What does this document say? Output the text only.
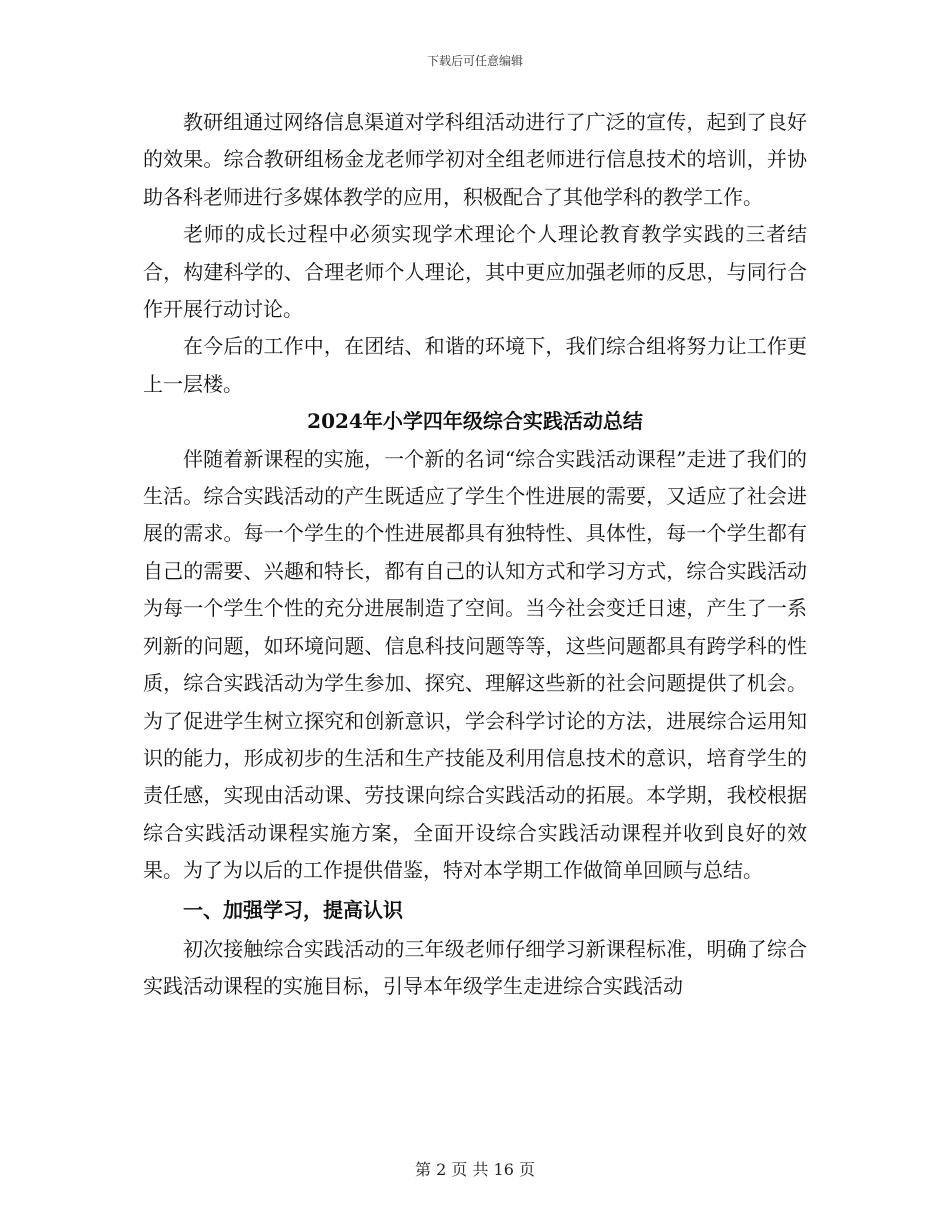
下载后可任意编辑

教研组通过网络信息渠道对学科组活动进行了广泛的宣传，起到了良好的效果。综合教研组杨金龙老师学初对全组老师进行信息技术的培训，并协助各科老师进行多媒体教学的应用，积极配合了其他学科的教学工作。

老师的成长过程中必须实现学术理论个人理论教育教学实践的三者结合，构建科学的、合理老师个人理论，其中更应加强老师的反思，与同行合作开展行动讨论。

在今后的工作中，在团结、和谐的环境下，我们综合组将努力让工作更上一层楼。

2024年小学四年级综合实践活动总结

伴随着新课程的实施，一个新的名词“综合实践活动课程”走进了我们的生活。综合实践活动的产生既适应了学生个性进展的需要，又适应了社会进展的需求。每一个学生的个性进展都具有独特性、具体性，每一个学生都有自己的需要、兴趣和特长，都有自己的认知方式和学习方式，综合实践活动为每一个学生个性的充分进展制造了空间。当今社会变迁日速，产生了一系列新的问题，如环境问题、信息科技问题等等，这些问题都具有跨学科的性质，综合实践活动为学生参加、探究、理解这些新的社会问题提供了机会。为了促进学生树立探究和创新意识，学会科学讨论的方法，进展综合运用知识的能力，形成初步的生活和生产技能及利用信息技术的意识，培育学生的责任感，实现由活动课、劳技课向综合实践活动的拓展。本学期，我校根据综合实践活动课程实施方案，全面开设综合实践活动课程并收到良好的效果。为了为以后的工作提供借鉴，特对本学期工作做简单回顾与总结。

一、加强学习，提高认识

初次接触综合实践活动的三年级老师仔细学习新课程标准，明确了综合实践活动课程的实施目标，引导本年级学生走进综合实践活动

第 2 页 共 16 页
